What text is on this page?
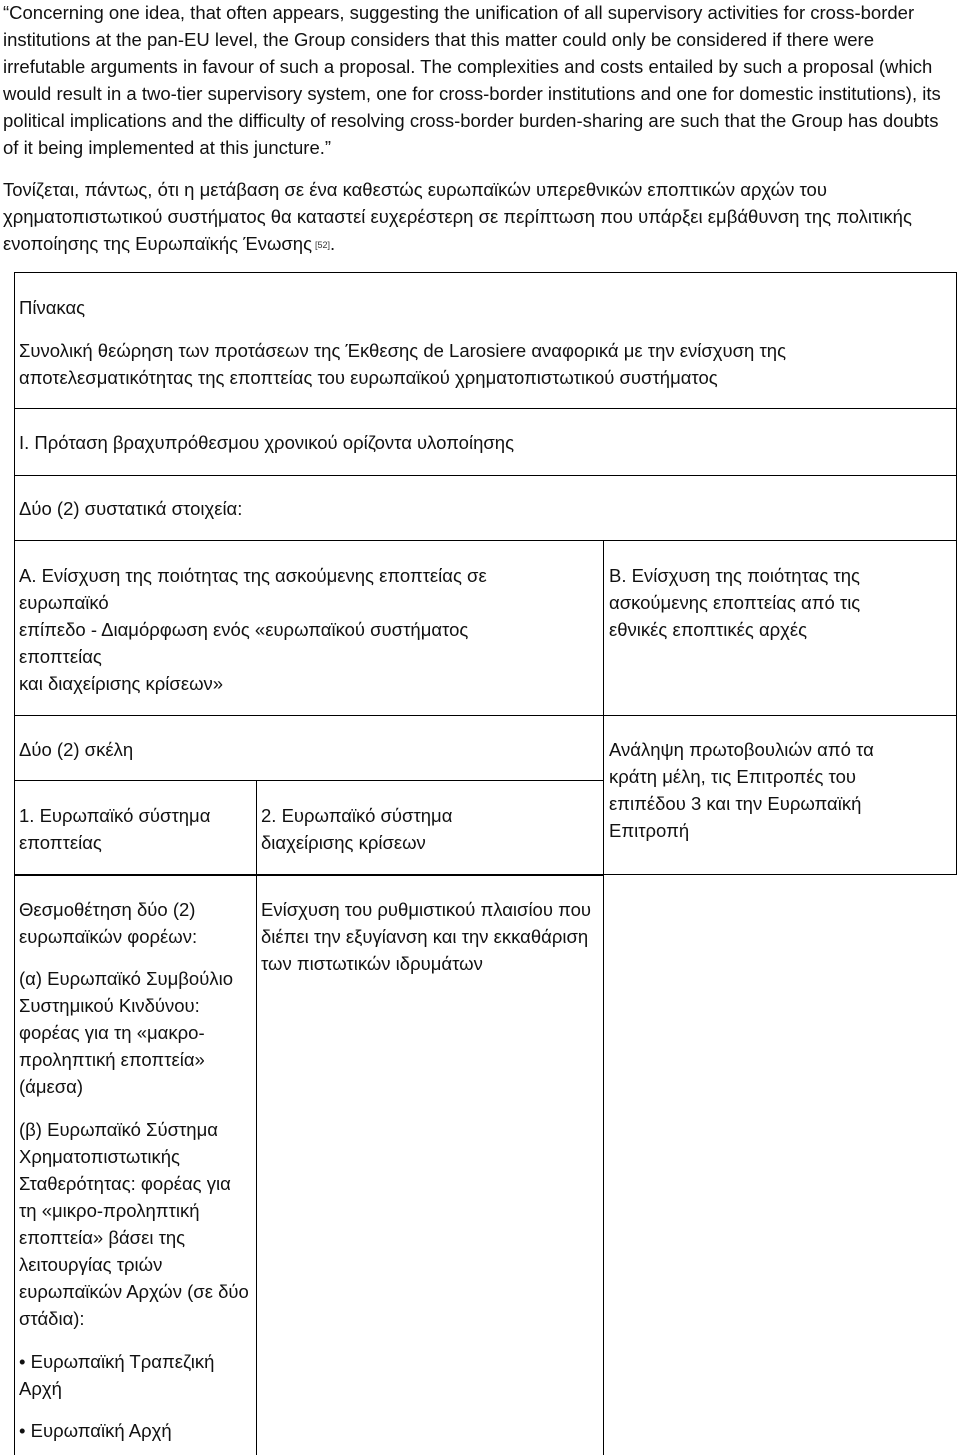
“Concerning one idea, that often appears, suggesting the unification of all supervisory activities for cross-border institutions at the pan-EU level, the Group considers that this matter could only be considered if there were irrefutable arguments in favour of such a proposal. The complexities and costs entailed by such a proposal (which would result in a two-tier supervisory system, one for cross-border institutions and one for domestic institutions), its political implications and the difficulty of resolving cross-border burden-sharing are such that the Group has doubts of it being implemented at this juncture.”

Τονίζεται, πάντως, ότι η μετάβαση σε ένα καθεστώς ευρωπαϊκών υπερεθνικών εποπτικών αρχών του χρηματοπιστωτικού συστήματος θα καταστεί ευχερέστερη σε περίπτωση που υπάρξει εμβάθυνση της πολιτικής ενοποίησης της Ευρωπαϊκής Ένωσης [52].

Πίνακας

Συνολική θεώρηση των προτάσεων της Έκθεσης de Larosiere αναφορικά με την ενίσχυση της αποτελεσματικότητας της εποπτείας του ευρωπαϊκού χρηματοπιστωτικού συστήματος

Ι. Πρόταση βραχυπρόθεσμου χρονικού ορίζοντα υλοποίησης

Δύο (2) συστατικά στοιχεία:

Α. Ενίσχυση της ποιότητας της ασκούμενης εποπτείας σε
ευρωπαϊκό
επίπεδο - Διαμόρφωση ενός «ευρωπαϊκού συστήματος
εποπτείας
και διαχείρισης κρίσεων»

Β. Ενίσχυση της ποιότητας της ασκούμενης εποπτείας από τις εθνικές εποπτικές αρχές

Δύο (2) σκέλη	Ανάληψη πρωτοβουλιών από τα κράτη μέλη, τις Επιτροπές του επιπέδου 3 και την Ευρωπαϊκή Επιτροπή

1. Ευρωπαϊκό σύστημα εποπτείας

2. Ευρωπαϊκό σύστημα διαχείρισης κρίσεων

Θεσμοθέτηση δύο (2) ευρωπαϊκών φορέων:

(α) Ευρωπαϊκό Συμβούλιο Συστημικού Κινδύνου: φορέας για τη «μακρο-προληπτική εποπτεία» (άμεσα)

(β) Ευρωπαϊκό Σύστημα Χρηματοπιστωτικής Σταθερότητας: φορέας για τη «μικρο-προληπτική εποπτεία» βάσει της λειτουργίας τριών ευρωπαϊκών Αρχών (σε δύο στάδια):

• Ευρωπαϊκή Τραπεζική Αρχή

• Ευρωπαϊκή Αρχή

Ενίσχυση του ρυθμιστικού πλαισίου που διέπει την εξυγίανση και την εκκαθάριση των πιστωτικών ιδρυμάτων
